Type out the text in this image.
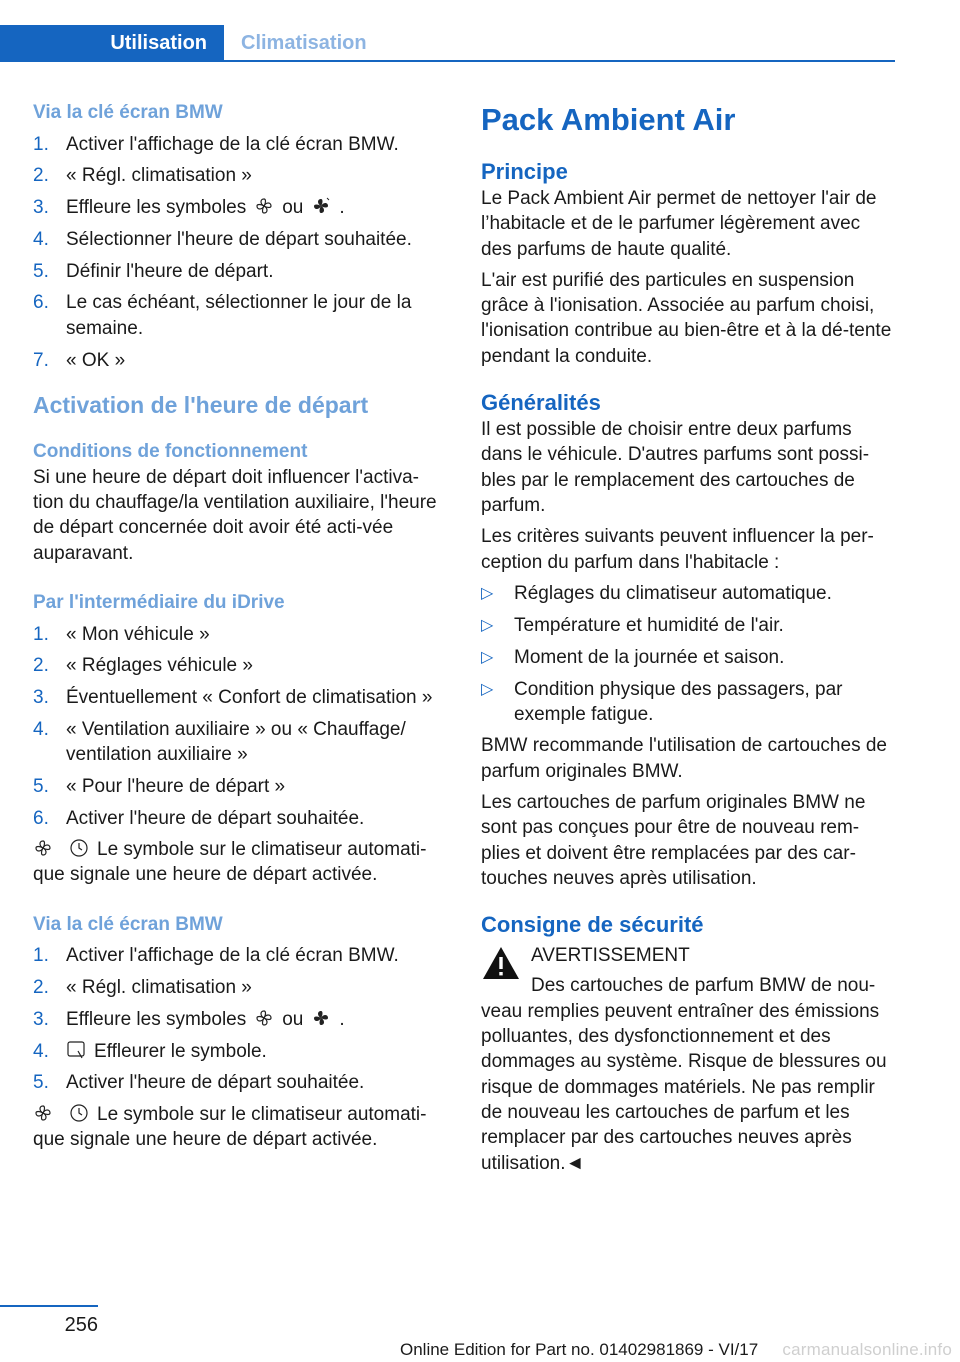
Utilisation	Climatisation
Via la clé écran BMW
1. Activer l'affichage de la clé écran BMW.
2. « Régl. climatisation »
3. Effleure les symboles ou .
4. Sélectionner l'heure de départ souhaitée.
5. Définir l'heure de départ.
6. Le cas échéant, sélectionner le jour de la semaine.
7. « OK »
Activation de l'heure de départ
Conditions de fonctionnement

Si une heure de départ doit influencer l'activa‐tion du chauffage/la ventilation auxiliaire, l'heure de départ concernée doit avoir été acti‐vée auparavant.

Par l'intermédiaire du iDrive
1. « Mon véhicule »
2. « Réglages véhicule »
3. Éventuellement « Confort de climatisation »
4. « Ventilation auxiliaire » ou « Chauffage/ ventilation auxiliaire »
5. « Pour l'heure de départ »
6. Activer l'heure de départ souhaitée.

Le symbole sur le climatiseur automati‐que signale une heure de départ activée.

Via la clé écran BMW
1. Activer l'affichage de la clé écran BMW.
2. « Régl. climatisation »
3. Effleure les symboles ou .
4. Effleurer le symbole.
5. Activer l'heure de départ souhaitée.

Le symbole sur le climatiseur automati‐que signale une heure de départ activée.

Pack Ambient Air
Principe

Le Pack Ambient Air permet de nettoyer l'air de l’habitacle et de le parfumer légèrement avec des parfums de haute qualité.

L'air est purifié des particules en suspension grâce à l'ionisation. Associée au parfum choisi, l'ionisation contribue au bien-être et à la dé‐tente pendant la conduite.

Généralités

Il est possible de choisir entre deux parfums dans le véhicule. D'autres parfums sont possi‐bles par le remplacement des cartouches de parfum.

Les critères suivants peuvent influencer la per‐ception du parfum dans l'habitacle :

▷ Réglages du climatiseur automatique.
▷ Température et humidité de l'air.
▷ Moment de la journée et saison.
▷ Condition physique des passagers, par exemple fatigue.

BMW recommande l'utilisation de cartouches de parfum originales BMW.

Les cartouches de parfum originales BMW ne sont pas conçues pour être de nouveau rem‐plies et doivent être remplacées par des car‐touches neuves après utilisation.

Consigne de sécurité
AVERTISSEMENT

Des cartouches de parfum BMW de nou‐veau remplies peuvent entraîner des émissions polluantes, des dysfonctionnement et des dommages au système. Risque de blessures ou risque de dommages matériels. Ne pas remplir de nouveau les cartouches de parfum et les remplacer par des cartouches neuves après utilisation.◄

256
Online Edition for Part no. 01402981869 - VI/17	carmanualsonline.info
